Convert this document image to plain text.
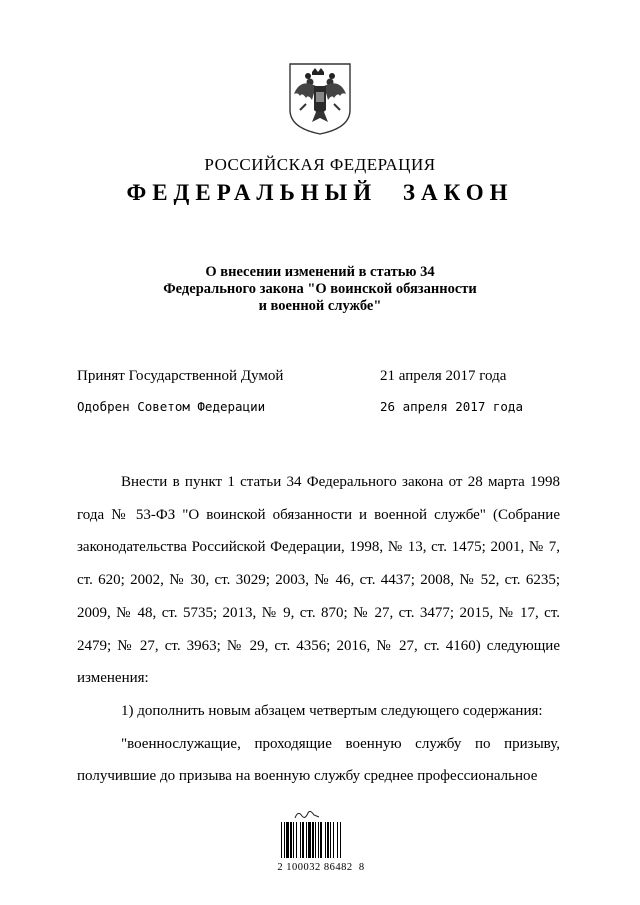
РОССИЙСКАЯ ФЕДЕРАЦИЯ
ФЕДЕРАЛЬНЫЙ ЗАКОН
О внесении изменений в статью 34
Федерального закона "О воинской обязанности
и военной службе"
Принят Государственной Думой	21 апреля 2017 года
Одобрен Советом Федерации	26 апреля 2017 года

Внести в пункт 1 статьи 34 Федерального закона от 28 марта 1998 года № 53-ФЗ "О воинской обязанности и военной службе" (Собрание законодательства Российской Федерации, 1998, № 13, ст. 1475; 2001, № 7, ст. 620; 2002, № 30, ст. 3029; 2003, № 46, ст. 4437; 2008, № 52, ст. 6235; 2009, № 48, ст. 5735; 2013, № 9, ст. 870; № 27, ст. 3477; 2015, № 17, ст. 2479; № 27, ст. 3963; № 29, ст. 4356; 2016, № 27, ст. 4160) следующие изменения:

1) дополнить новым абзацем четвертым следующего содержания:

"военнослужащие, проходящие военную службу по призыву, получившие до призыва на военную службу среднее профессиональное

2 100032 86482  8
